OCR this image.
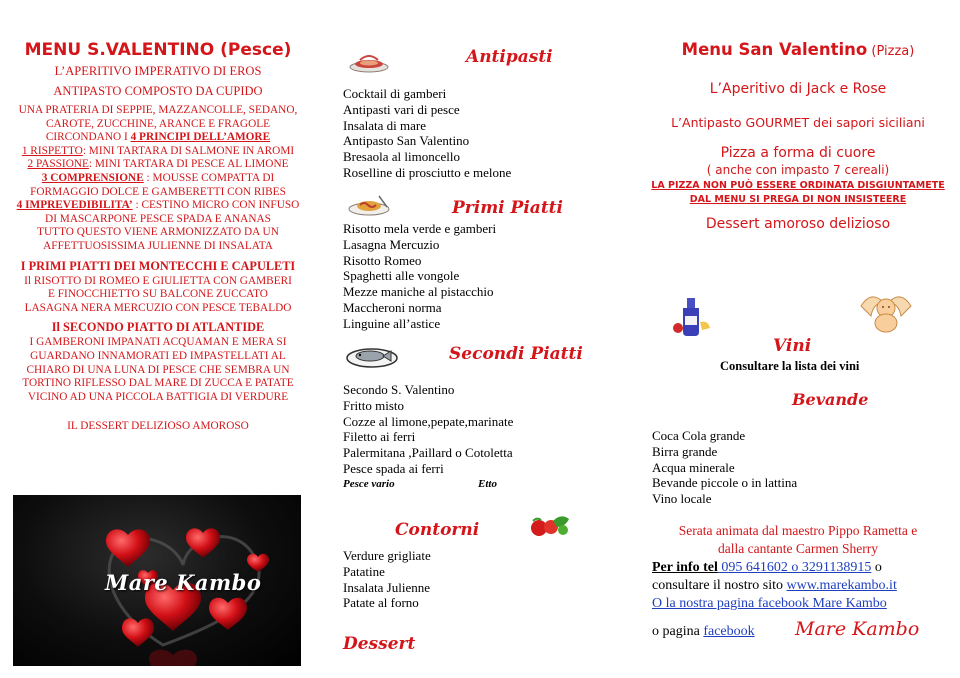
MENU S.VALENTINO (Pesce)
L’APERITIVO IMPERATIVO DI EROS
ANTIPASTO COMPOSTO DA CUPIDO
UNA PRATERIA DI SEPPIE, MAZZANCOLLE, SEDANO,
CAROTE, ZUCCHINE, ARANCE E FRAGOLE
CIRCONDANO I 4 PRINCIPI DELL’AMORE
1 RISPETTO: MINI TARTARA DI SALMONE IN AROMI
2 PASSIONE: MINI TARTARA DI PESCE AL LIMONE
3 COMPRENSIONE : MOUSSE COMPATTA DI
FORMAGGIO DOLCE E GAMBERETTI CON RIBES
4 IMPREVEDIBILITA’ : CESTINO MICRO CON INFUSO
DI MASCARPONE PESCE SPADA E ANANAS
TUTTO QUESTO VIENE ARMONIZZATO DA UN
AFFETTUOSISSIMA JULIENNE DI INSALATA
I PRIMI PIATTI DEI MONTECCHI E CAPULETI
Il RISOTTO DI ROMEO E GIULIETTA CON GAMBERI
E FINOCCHIETTO SU BALCONE ZUCCATO
LASAGNA NERA MERCUZIO CON PESCE TEBALDO
Il SECONDO PIATTO DI ATLANTIDE
I GAMBERONI IMPANATI ACQUAMAN E MERA SI
GUARDANO INNAMORATI ED IMPASTELLATI AL
CHIARO DI UNA LUNA DI PESCE CHE SEMBRA UN
TORTINO RIFLESSO DAL MARE DI ZUCCA E PATATE
VICINO AD UNA PICCOLA BATTIGIA DI VERDURE
IL DESSERT DELIZIOSO AMOROSO
Mare Kambo
Antipasti
Cocktail di gamberi
Antipasti vari di pesce
Insalata di mare
Antipasto San Valentino
Bresaola al limoncello
Roselline di prosciutto e melone
Primi Piatti
Risotto mela verde e gamberi
Lasagna Mercuzio
Risotto Romeo
Spaghetti alle vongole
Mezze maniche al pistacchio
Maccheroni norma
Linguine all’astice
Secondi Piatti
Secondo S. Valentino
Fritto misto
Cozze al limone,pepate,marinate
Filetto ai ferri
Palermitana ,Paillard o Cotoletta
Pesce spada ai ferri
Pesce vario	Etto
Contorni
Verdure grigliate
Patatine
Insalata Julienne
Patate al forno
Dessert
Menu San Valentino (Pizza)
L’Aperitivo di Jack e Rose
L’Antipasto GOURMET dei sapori siciliani
Pizza a forma di cuore
( anche con impasto 7 cereali)
LA PIZZA NON PUÒ ESSERE ORDINATA DISGIUNTAMETE
DAL MENU SI PREGA DI NON INSISTEERE
Dessert amoroso delizioso
Vini
Consultare la lista dei vini
Bevande
Coca Cola grande
Birra grande
Acqua minerale
Bevande piccole o in lattina
Vino locale
Serata animata dal maestro Pippo Rametta e
dalla cantante Carmen Sherry
Per info tel 095 641602 o 3291138915 o
consultare il nostro sito www.marekambo.it
O la nostra pagina facebook Mare Kambo
o pagina facebook Mare Kambo
